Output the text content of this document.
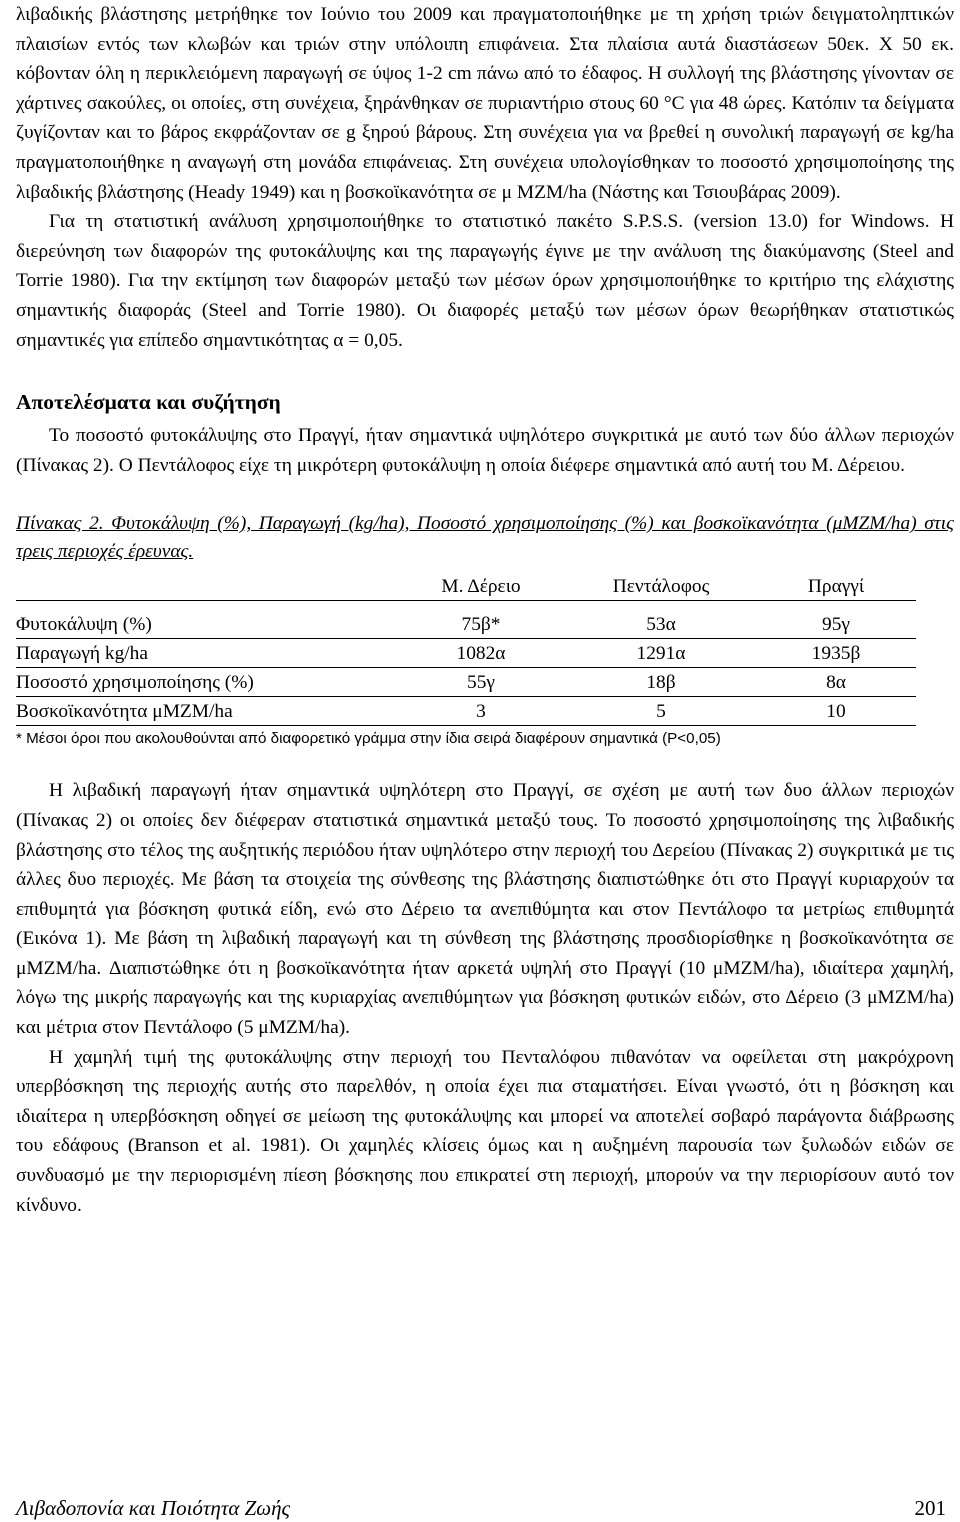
λιβαδικής βλάστησης μετρήθηκε τον Ιούνιο του 2009 και πραγματοποιήθηκε με τη χρήση τριών δειγματοληπτικών πλαισίων εντός των κλωβών και τριών στην υπόλοιπη επιφάνεια. Στα πλαίσια αυτά διαστάσεων 50εκ. Χ 50 εκ. κόβονταν όλη η περικλειόμενη παραγωγή σε ύψος 1-2 cm πάνω από το έδαφος. Η συλλογή της βλάστησης γίνονταν σε χάρτινες σακούλες, οι οποίες, στη συνέχεια, ξηράνθηκαν σε πυριαντήριο στους 60 °C για 48 ώρες. Κατόπιν τα δείγματα ζυγίζονταν και το βάρος εκφράζονταν σε g ξηρού βάρους. Στη συνέχεια για να βρεθεί η συνολική παραγωγή σε kg/ha πραγματοποιήθηκε η αναγωγή στη μονάδα επιφάνειας. Στη συνέχεια υπολογίσθηκαν το ποσοστό χρησιμοποίησης της λιβαδικής βλάστησης (Heady 1949) και η βοσκοϊκανότητα σε μ ΜΖΜ/ha (Νάστης και Τσιουβάρας 2009).

Για τη στατιστική ανάλυση χρησιμοποιήθηκε το στατιστικό πακέτο S.P.S.S. (version 13.0) for Windows. Η διερεύνηση των διαφορών της φυτοκάλυψης και της παραγωγής έγινε με την ανάλυση της διακύμανσης (Steel and Torrie 1980). Για την εκτίμηση των διαφορών μεταξύ των μέσων όρων χρησιμοποιήθηκε το κριτήριο της ελάχιστης σημαντικής διαφοράς (Steel and Torrie 1980). Οι διαφορές μεταξύ των μέσων όρων θεωρήθηκαν στατιστικώς σημαντικές για επίπεδο σημαντικότητας α = 0,05.

Αποτελέσματα και συζήτηση

Το ποσοστό φυτοκάλυψης στο Πραγγί, ήταν σημαντικά υψηλότερο συγκριτικά με αυτό των δύο άλλων περιοχών (Πίνακας 2). Ο Πεντάλοφος είχε τη μικρότερη φυτοκάλυψη η οποία διέφερε σημαντικά από αυτή του Μ. Δέρειου.

Πίνακας 2. Φυτοκάλυψη (%), Παραγωγή (kg/ha), Ποσοστό χρησιμοποίησης (%) και βοσκοϊκανότητα (μΜΖΜ/ha) στις τρεις περιοχές έρευνας.
	Μ. Δέρειο	Πεντάλοφος	Πραγγί
Φυτοκάλυψη (%)	75β*	53α	95γ
Παραγωγή kg/ha	1082α	1291α	1935β
Ποσοστό χρησιμοποίησης (%)	55γ	18β	8α
Βοσκοϊκανότητα μΜΖΜ/ha	3	5	10
* Μέσοι όροι που ακολουθούνται από διαφορετικό γράμμα στην ίδια σειρά διαφέρουν σημαντικά (P<0,05)

Η λιβαδική παραγωγή ήταν σημαντικά υψηλότερη στο Πραγγί, σε σχέση με αυτή των δυο άλλων περιοχών (Πίνακας 2) οι οποίες δεν διέφεραν στατιστικά σημαντικά μεταξύ τους. Το ποσοστό χρησιμοποίησης της λιβαδικής βλάστησης στο τέλος της αυξητικής περιόδου ήταν υψηλότερο στην περιοχή του Δερείου (Πίνακας 2) συγκριτικά με τις άλλες δυο περιοχές. Με βάση τα στοιχεία της σύνθεσης της βλάστησης διαπιστώθηκε ότι στο Πραγγί κυριαρχούν τα επιθυμητά για βόσκηση φυτικά είδη, ενώ στο Δέρειο τα ανεπιθύμητα και στον Πεντάλοφο τα μετρίως επιθυμητά (Εικόνα 1). Με βάση τη λιβαδική παραγωγή και τη σύνθεση της βλάστησης προσδιορίσθηκε η βοσκοϊκανότητα σε μΜΖΜ/ha. Διαπιστώθηκε ότι η βοσκοϊκανότητα ήταν αρκετά υψηλή στο Πραγγί (10 μΜΖΜ/ha), ιδιαίτερα χαμηλή, λόγω της μικρής παραγωγής και της κυριαρχίας ανεπιθύμητων για βόσκηση φυτικών ειδών, στο Δέρειο (3 μΜΖΜ/ha) και μέτρια στον Πεντάλοφο (5 μΜΖΜ/ha).

Η χαμηλή τιμή της φυτοκάλυψης στην περιοχή του Πενταλόφου πιθανόταν να οφείλεται στη μακρόχρονη υπερβόσκηση της περιοχής αυτής στο παρελθόν, η οποία έχει πια σταματήσει. Είναι γνωστό, ότι η βόσκηση και ιδιαίτερα η υπερβόσκηση οδηγεί σε μείωση της φυτοκάλυψης και μπορεί να αποτελεί σοβαρό παράγοντα διάβρωσης του εδάφους (Branson et al. 1981). Οι χαμηλές κλίσεις όμως και η αυξημένη παρουσία των ξυλωδών ειδών σε συνδυασμό με την περιορισμένη πίεση βόσκησης που επικρατεί στη περιοχή, μπορούν να την περιορίσουν αυτό τον κίνδυνο.

Λιβαδοπονία και Ποιότητα Ζωής	201
